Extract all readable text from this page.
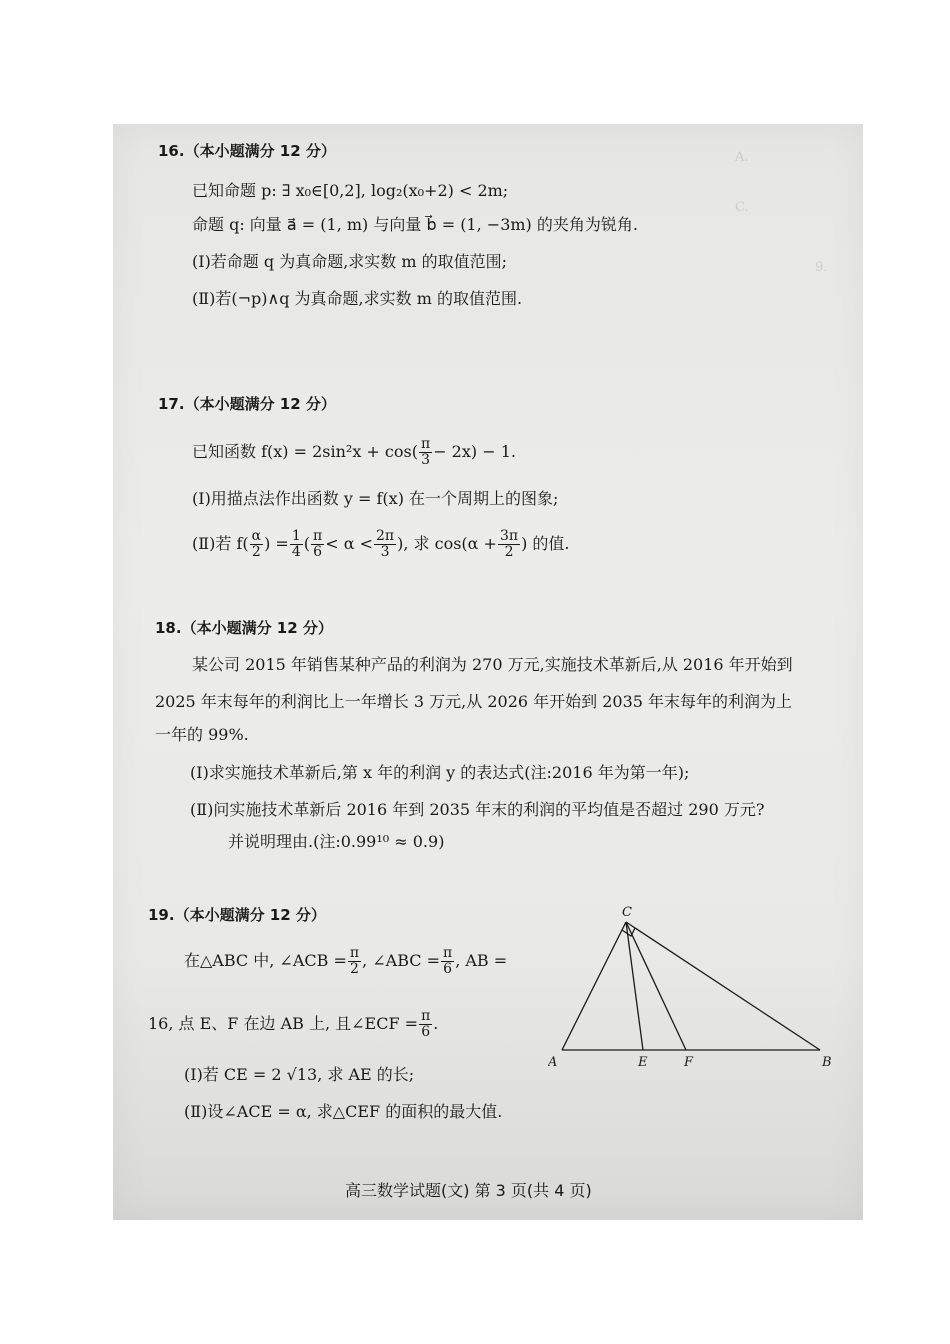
A.
C.
9.
16.（本小题满分 12 分）
已知命题 p: ∃ x₀∈[0,2], log₂(x₀+2) < 2m;
命题 q: 向量 a⃗ = (1, m) 与向量 b⃗ = (1, −3m) 的夹角为锐角.
(Ⅰ)若命题 q 为真命题,求实数 m 的取值范围;
(Ⅱ)若(¬p)∧q 为真命题,求实数 m 的取值范围.
17.（本小题满分 12 分）
已知函数 $f(x) = 2\sin^2x + \cos( \frac{\pi}{3} - 2x) - 1$.
(Ⅰ)用描点法作出函数 y = f(x) 在一个周期上的图象;
(Ⅱ)若 $f( \frac{\alpha}{2}$ ) = $\frac{1}{4}$ ( $\frac{\pi}{6} < \alpha < \frac{2\pi}{3}$ ), 求 $\cos(\alpha + \frac{3\pi}{2}$ ) 的值.
18.（本小题满分 12 分）
某公司 2015 年销售某种产品的利润为 270 万元,实施技术革新后,从 2016 年开始到
2025 年末每年的利润比上一年增长 3 万元,从 2026 年开始到 2035 年末每年的利润为上
一年的 99%.
(Ⅰ)求实施技术革新后,第 x 年的利润 y 的表达式(注:2016 年为第一年);
(Ⅱ)问实施技术革新后 2016 年到 2035 年末的利润的平均值是否超过 290 万元?
并说明理由.(注:0.99¹⁰ ≈ 0.9)
19.（本小题满分 12 分）
在△ABC 中, ∠ACB = $\frac{\pi}{2}$ , ∠ABC = $\frac{\pi}{6}$ , AB =
16, 点 E、F 在边 AB 上, 且∠ECF = $\frac{\pi}{6}$ .
(Ⅰ)若 CE = 2 √13, 求 AE 的长;
(Ⅱ)设∠ACE = α, 求△CEF 的面积的最大值.
A	B
C
E	F
高三数学试题(文) 第 3 页(共 4 页)
